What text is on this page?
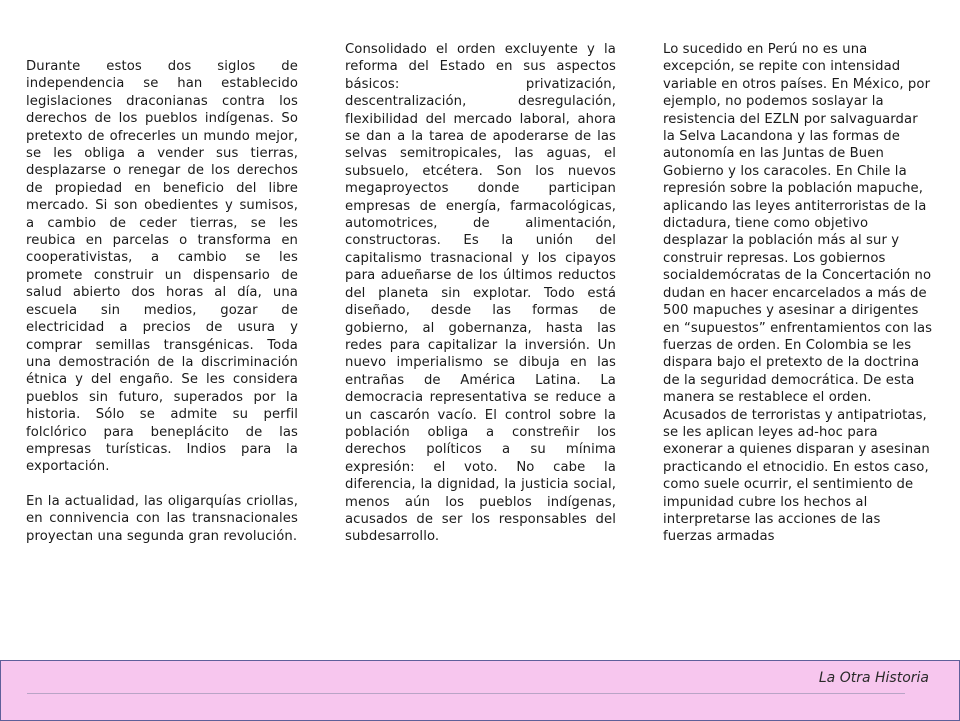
Durante estos dos siglos de independencia se han establecido legislaciones draconianas contra los derechos de los pueblos indígenas. So pretexto de ofrecerles un mundo mejor, se les obliga a vender sus tierras, desplazarse o renegar de los derechos de propiedad en beneficio del libre mercado. Si son obedientes y sumisos, a cambio de ceder tierras, se les reubica en parcelas o transforma en cooperativistas, a cambio se les promete construir un dispensario de salud abierto dos horas al día, una escuela sin medios, gozar de electricidad a precios de usura y comprar semillas transgénicas. Toda una demostración de la discriminación étnica y del engaño. Se les considera pueblos sin futuro, superados por la historia. Sólo se admite su perfil folclórico para beneplácito de las empresas turísticas. Indios para la exportación.

En la actualidad, las oligarquías criollas, en connivencia con las transnacionales proyectan una segunda gran revolución.

Consolidado el orden excluyente y la reforma del Estado en sus aspectos básicos: privatización, descentralización, desregulación, flexibilidad del mercado laboral, ahora se dan a la tarea de apoderarse de las selvas semitropicales, las aguas, el subsuelo, etcétera. Son los nuevos megaproyectos donde participan empresas de energía, farmacológicas, automotrices, de alimentación, constructoras. Es la unión del capitalismo trasnacional y los cipayos para adueñarse de los últimos reductos del planeta sin explotar. Todo está diseñado, desde las formas de gobierno, al gobernanza, hasta las redes para capitalizar la inversión. Un nuevo imperialismo se dibuja en las entrañas de América Latina. La democracia representativa se reduce a un cascarón vacío. El control sobre la población obliga a constreñir los derechos políticos a su mínima expresión: el voto. No cabe la diferencia, la dignidad, la justicia social, menos aún los pueblos indígenas, acusados de ser los responsables del subdesarrollo.

Lo sucedido en Perú no es una excepción, se repite con intensidad variable en otros países. En México, por ejemplo, no podemos soslayar la resistencia del EZLN por salvaguardar la Selva Lacandona y las formas de autonomía en las Juntas de Buen Gobierno y los caracoles. En Chile la represión sobre la población mapuche, aplicando las leyes antiterroristas de la dictadura, tiene como objetivo desplazar la población más al sur y construir represas. Los gobiernos socialdemócratas de la Concertación no dudan en hacer encarcelados a más de 500 mapuches y asesinar a dirigentes en “supuestos” enfrentamientos con las fuerzas de orden. En Colombia se les dispara bajo el pretexto de la doctrina de la seguridad democrática. De esta manera se restablece el orden. Acusados de terroristas y antipatriotas, se les aplican leyes ad-hoc para exonerar a quienes disparan y asesinan practicando el etnocidio. En estos caso, como suele ocurrir, el sentimiento de impunidad cubre los hechos al interpretarse las acciones de las fuerzas armadas

La Otra Historia
